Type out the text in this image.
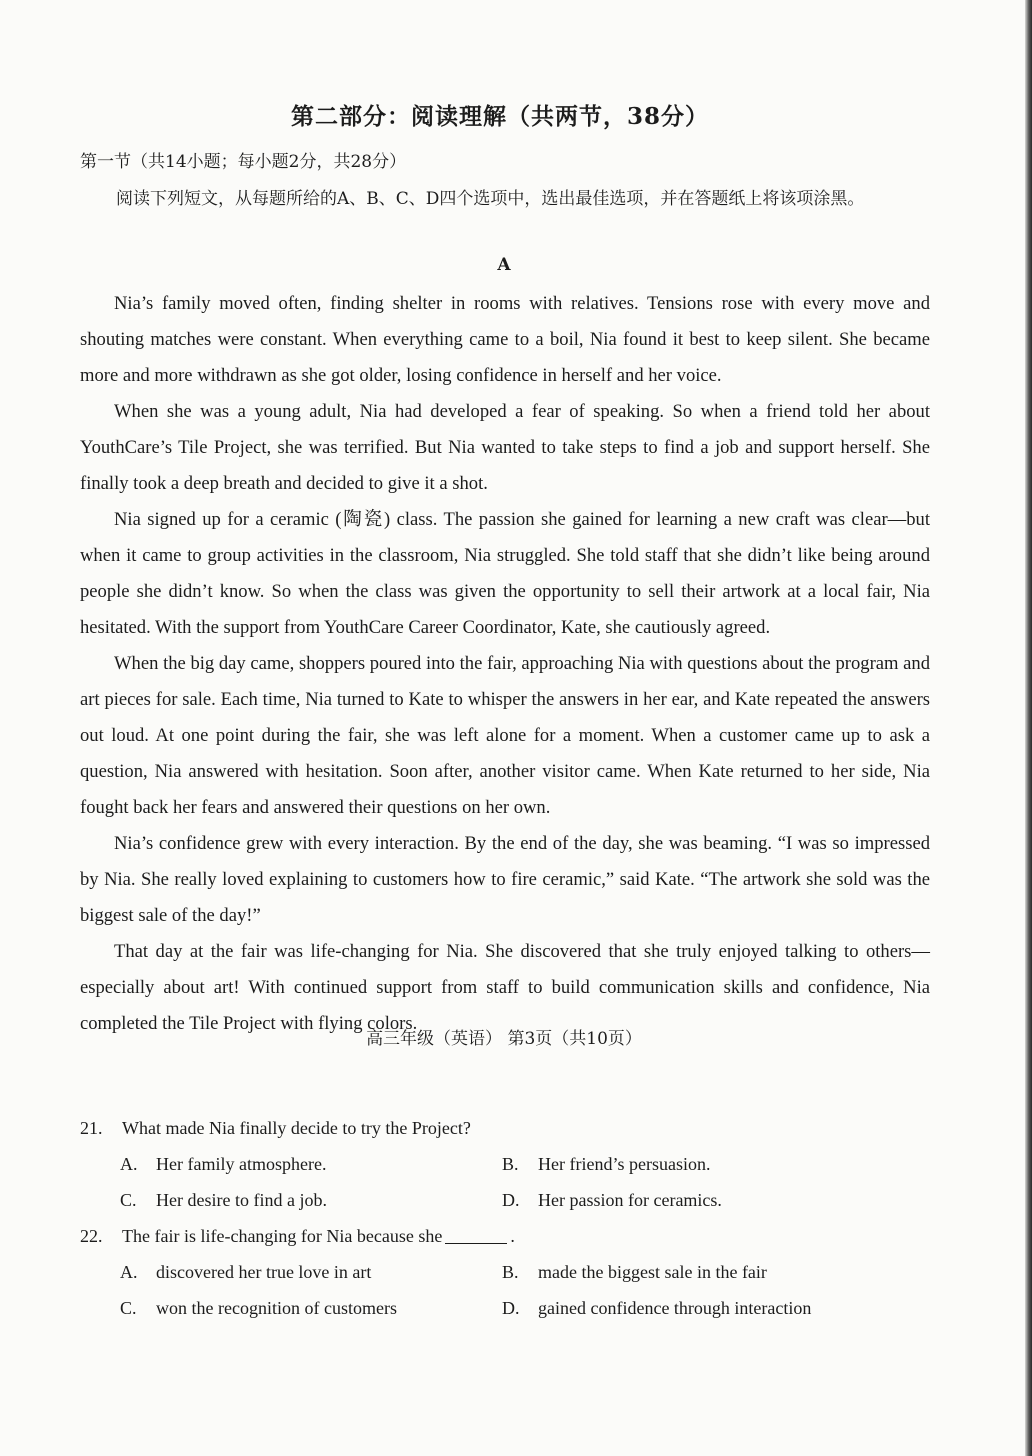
第二部分：阅读理解（共两节，38分）
第一节（共14小题；每小题2分，共28分）
阅读下列短文，从每题所给的A、B、C、D四个选项中，选出最佳选项，并在答题纸上将该项涂黑。
A

Nia’s family moved often, finding shelter in rooms with relatives. Tensions rose with every move and shouting matches were constant. When everything came to a boil, Nia found it best to keep silent. She became more and more withdrawn as she got older, losing confidence in herself and her voice.

When she was a young adult, Nia had developed a fear of speaking. So when a friend told her about YouthCare’s Tile Project, she was terrified. But Nia wanted to take steps to find a job and support herself. She finally took a deep breath and decided to give it a shot.

Nia signed up for a ceramic (陶瓷) class. The passion she gained for learning a new craft was clear—but when it came to group activities in the classroom, Nia struggled. She told staff that she didn’t like being around people she didn’t know. So when the class was given the opportunity to sell their artwork at a local fair, Nia hesitated. With the support from YouthCare Career Coordinator, Kate, she cautiously agreed.

When the big day came, shoppers poured into the fair, approaching Nia with questions about the program and art pieces for sale. Each time, Nia turned to Kate to whisper the answers in her ear, and Kate repeated the answers out loud. At one point during the fair, she was left alone for a moment. When a customer came up to ask a question, Nia answered with hesitation. Soon after, another visitor came. When Kate returned to her side, Nia fought back her fears and answered their questions on her own.

Nia’s confidence grew with every interaction. By the end of the day, she was beaming. “I was so impressed by Nia. She really loved explaining to customers how to fire ceramic,” said Kate. “The artwork she sold was the biggest sale of the day!”

That day at the fair was life-changing for Nia. She discovered that she truly enjoyed talking to others—especially about art! With continued support from staff to build communication skills and confidence, Nia completed the Tile Project with flying colors.

21.	What made Nia finally decide to try the Project?
A.	Her family atmosphere.	B.	Her friend’s persuasion.
C.	Her desire to find a job.	D.	Her passion for ceramics.
22.	The fair is life-changing for Nia because she	.
A.	discovered her true love in art	B.	made the biggest sale in the fair
C.	won the recognition of customers	D.	gained confidence through interaction
高三年级（英语） 第3页（共10页）
